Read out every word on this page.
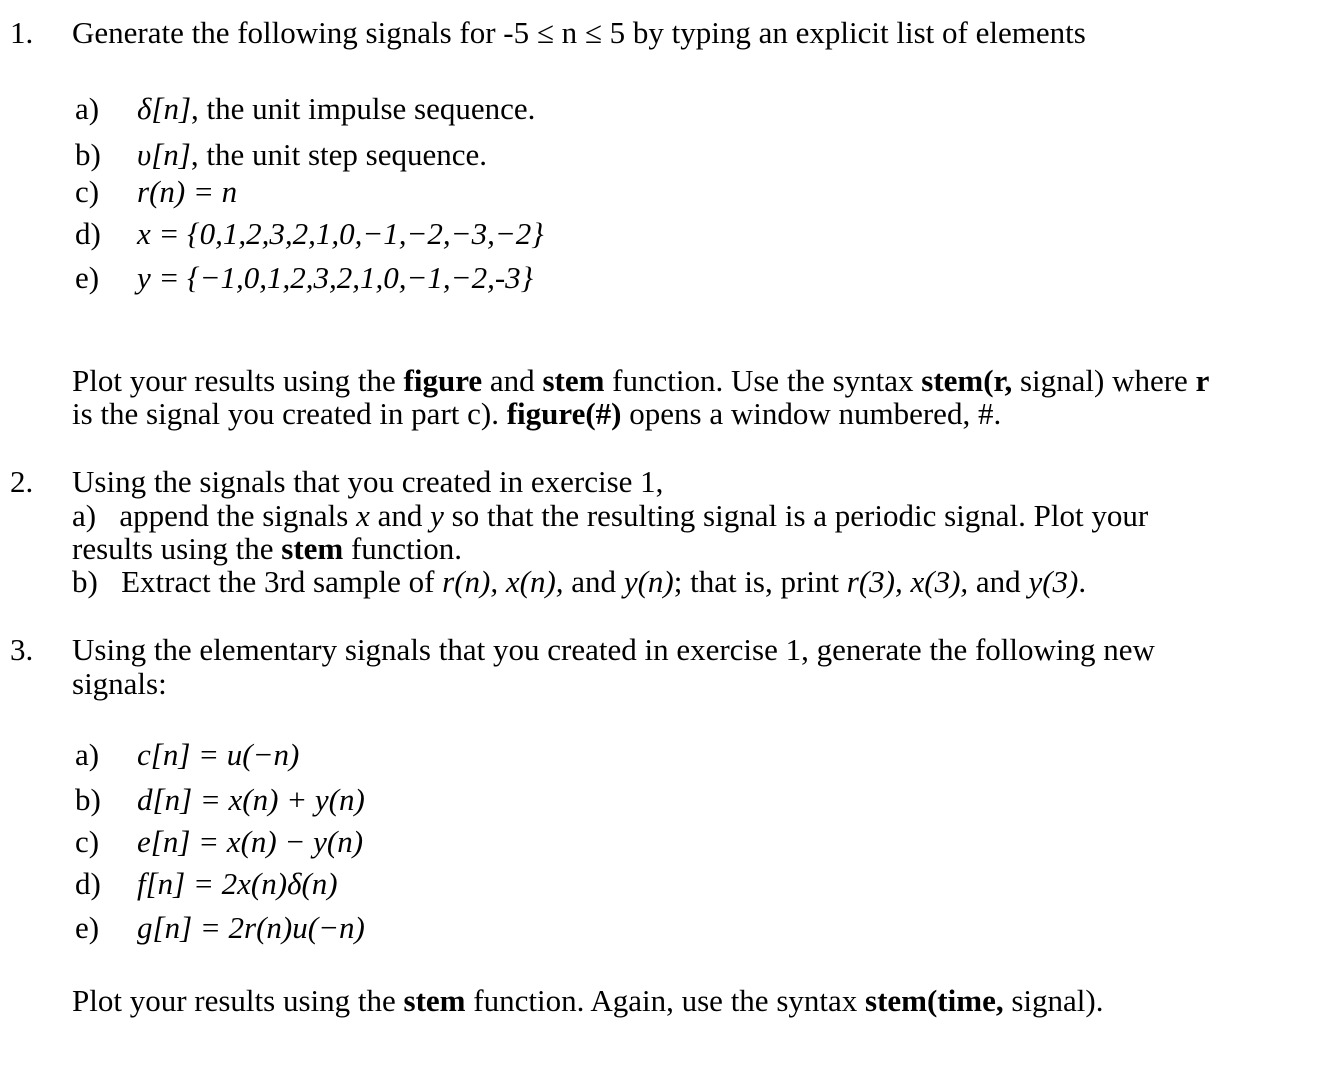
1. Generate the following signals for -5 ≤ n ≤ 5 by typing an explicit list of elements
a) δ[n], the unit impulse sequence.
b) υ[n], the unit step sequence.
c) r(n) = n
d) x = {0,1,2,3,2,1,0,−1,−2,−3,−2}
e) y = {−1,0,1,2,3,2,1,0,−1,−2,-3}
Plot your results using the figure and stem function. Use the syntax stem(r, signal) where r
is the signal you created in part c). figure(#) opens a window numbered, #.
2. Using the signals that you created in exercise 1,
a) append the signals x and y so that the resulting signal is a periodic signal. Plot your
results using the stem function.
b) Extract the 3rd sample of r(n), x(n), and y(n); that is, print r(3), x(3), and y(3).
3. Using the elementary signals that you created in exercise 1, generate the following new
signals:
a) c[n] = u(−n)
b) d[n] = x(n) + y(n)
c) e[n] = x(n) − y(n)
d) f[n] = 2x(n)δ(n)
e) g[n] = 2r(n)u(−n)
Plot your results using the stem function. Again, use the syntax stem(time, signal).
